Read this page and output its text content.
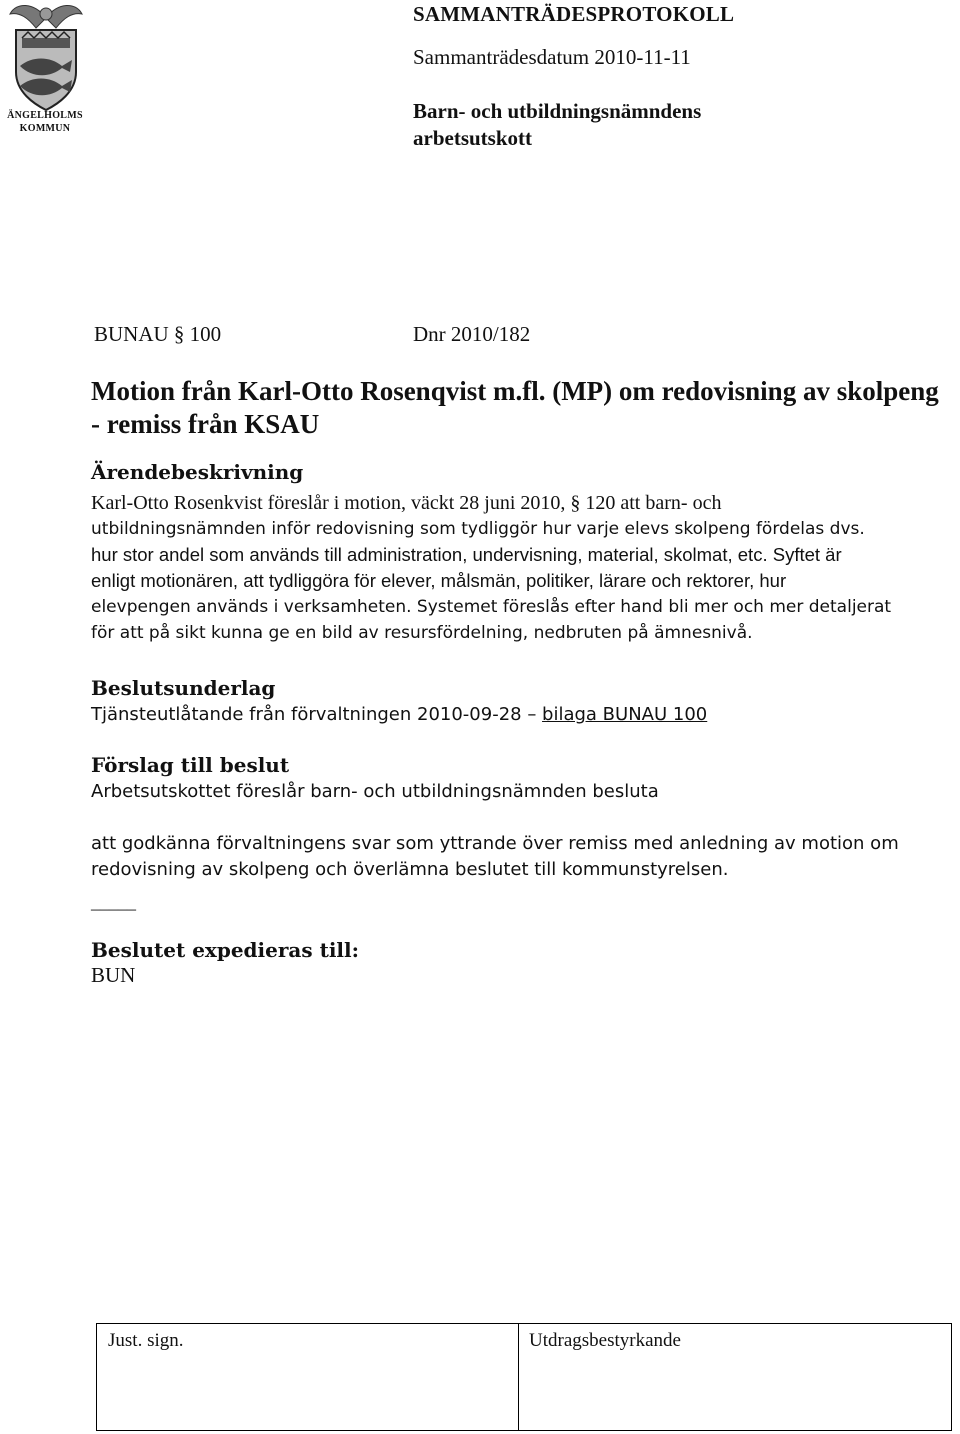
ÄNGELHOLMS
KOMMUN
SAMMANTRÄDESPROTOKOLL
Sammanträdesdatum 2010-11-11
Barn- och utbildningsnämndens arbetsutskott
BUNAU § 100	Dnr 2010/182
Motion från Karl-Otto Rosenqvist m.fl. (MP) om redovisning av skolpeng - remiss från KSAU
Ärendebeskrivning
Karl-Otto Rosenkvist föreslår i motion, väckt 28 juni 2010, § 120 att barn- och
utbildningsnämnden inför redovisning som tydliggör hur varje elevs skolpeng fördelas dvs.
hur stor andel som används till administration, undervisning, material, skolmat, etc. Syftet är
enligt motionären, att tydliggöra för elever, målsmän, politiker, lärare och rektorer, hur
elevpengen används i verksamheten. Systemet föreslås efter hand bli mer och mer detaljerat
för att på sikt kunna ge en bild av resursfördelning, nedbruten på ämnesnivå.
Beslutsunderlag
Tjänsteutlåtande från förvaltningen 2010-09-28 – bilaga BUNAU 100
Förslag till beslut
Arbetsutskottet föreslår barn- och utbildningsnämnden besluta
att godkänna förvaltningens svar som yttrande över remiss med anledning av motion om
redovisning av skolpeng och överlämna beslutet till kommunstyrelsen.
_____
Beslutet expedieras till:
BUN
Just. sign.	Utdragsbestyrkande
